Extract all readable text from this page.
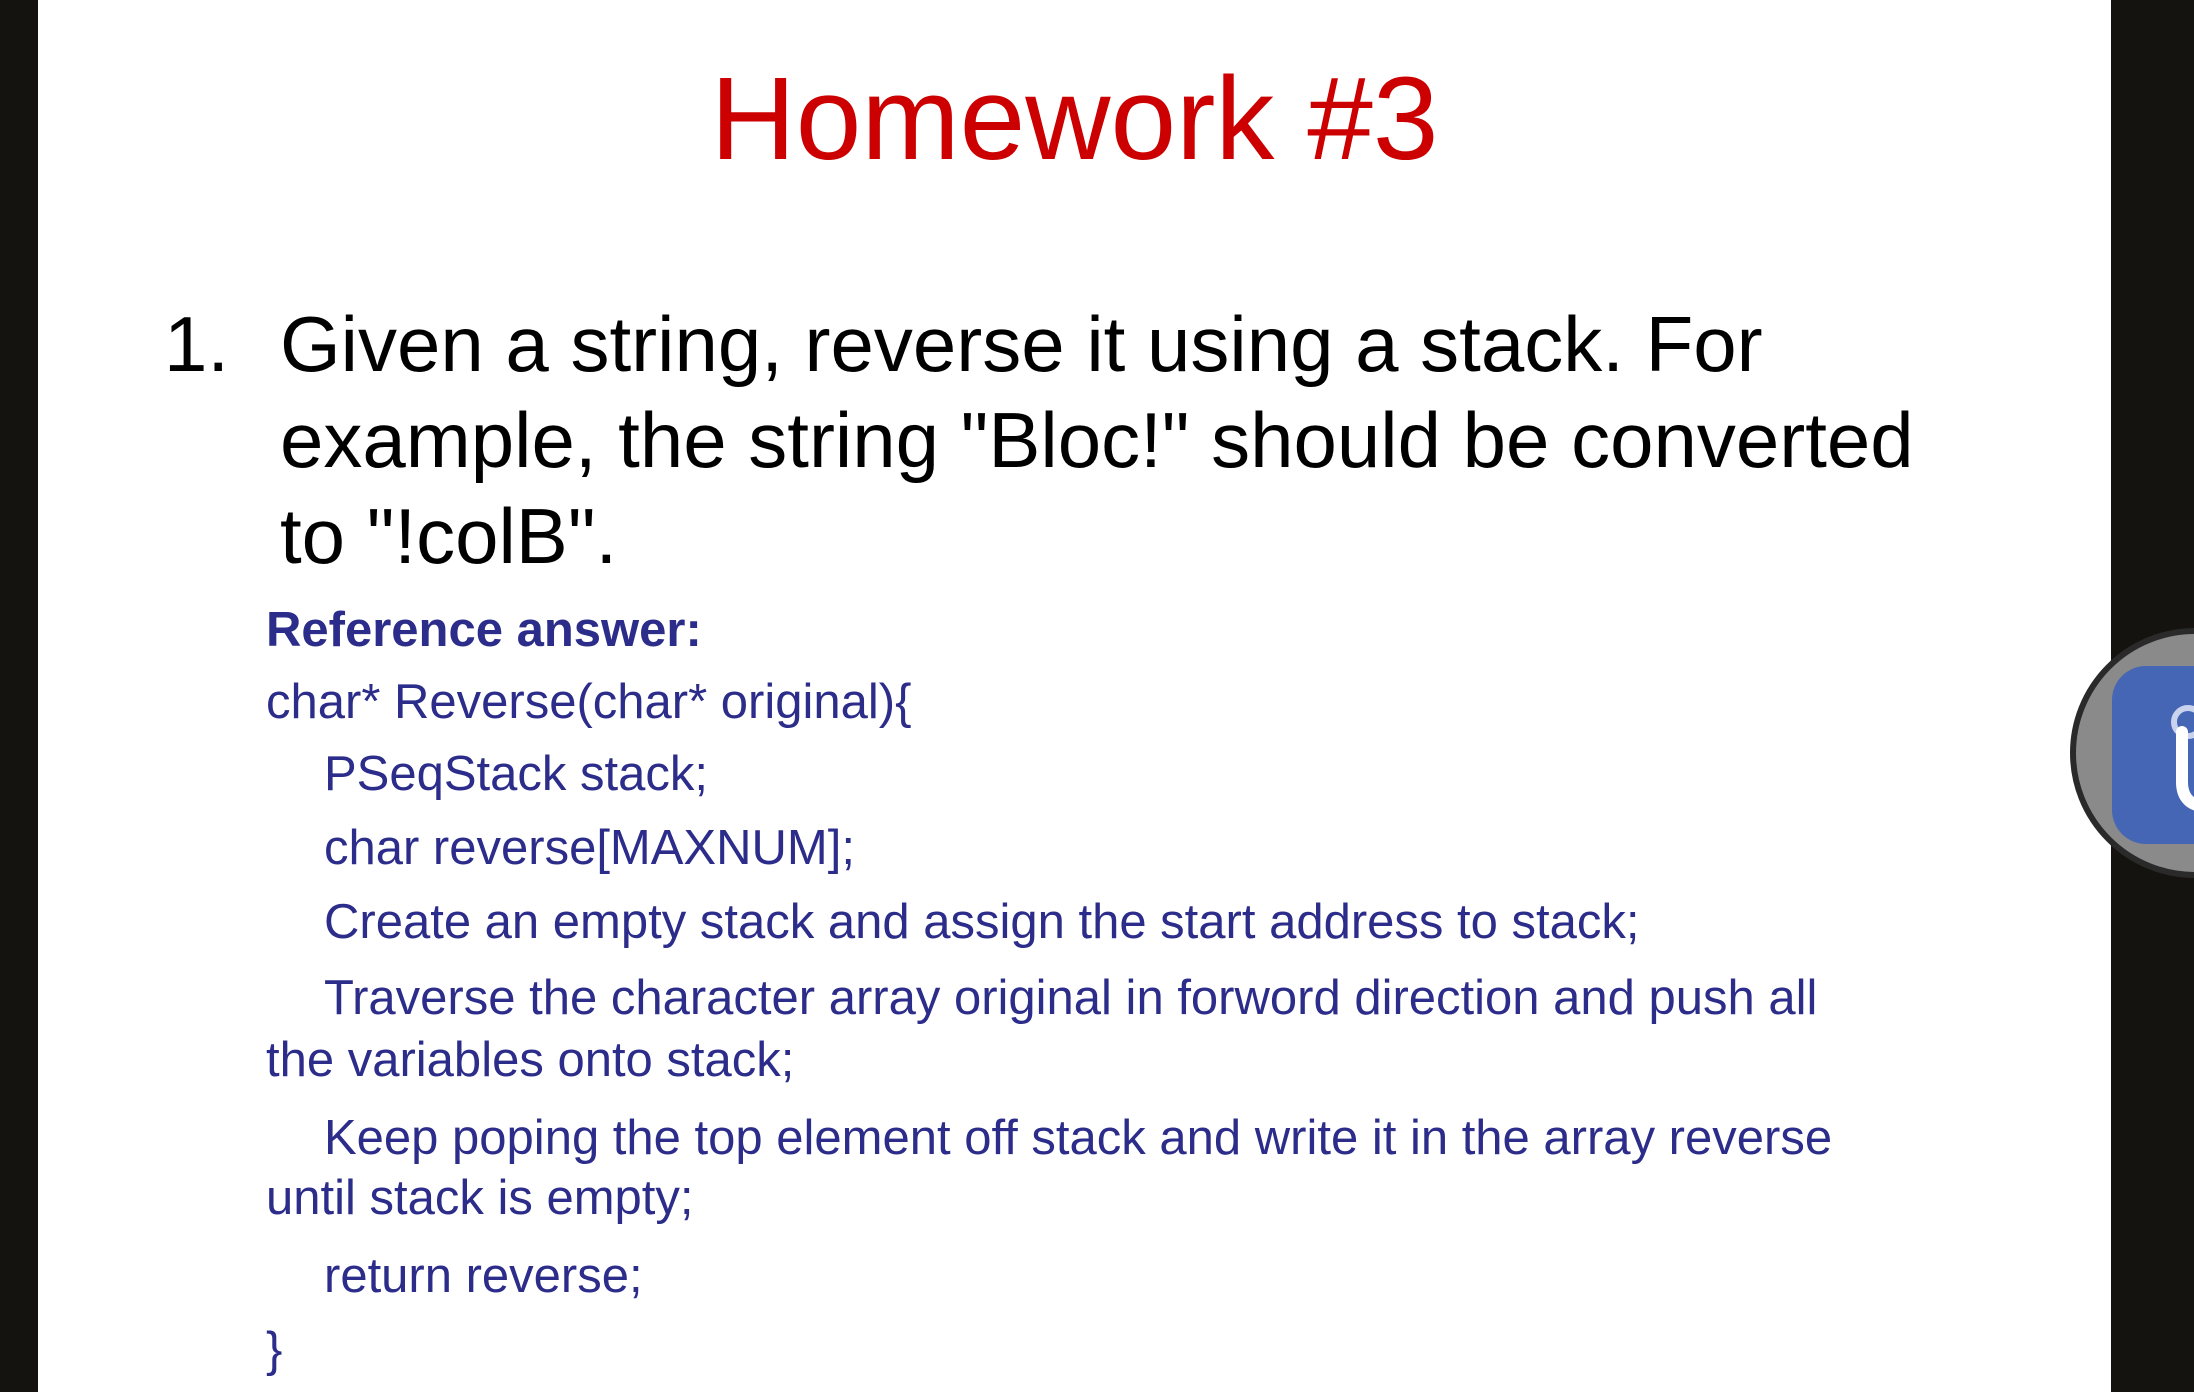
Homework #3
1. Given a string, reverse it using a stack. For
example, the string "Bloc!" should be converted
to "!colB".
Reference answer:
char* Reverse(char* original){
PSeqStack stack;
char reverse[MAXNUM];
Create an empty stack and assign the start address to stack;
Traverse the character array original in forword direction and push all
the variables onto stack;
Keep poping the top element off stack and write it in the array reverse
until stack is empty;
return reverse;
}
